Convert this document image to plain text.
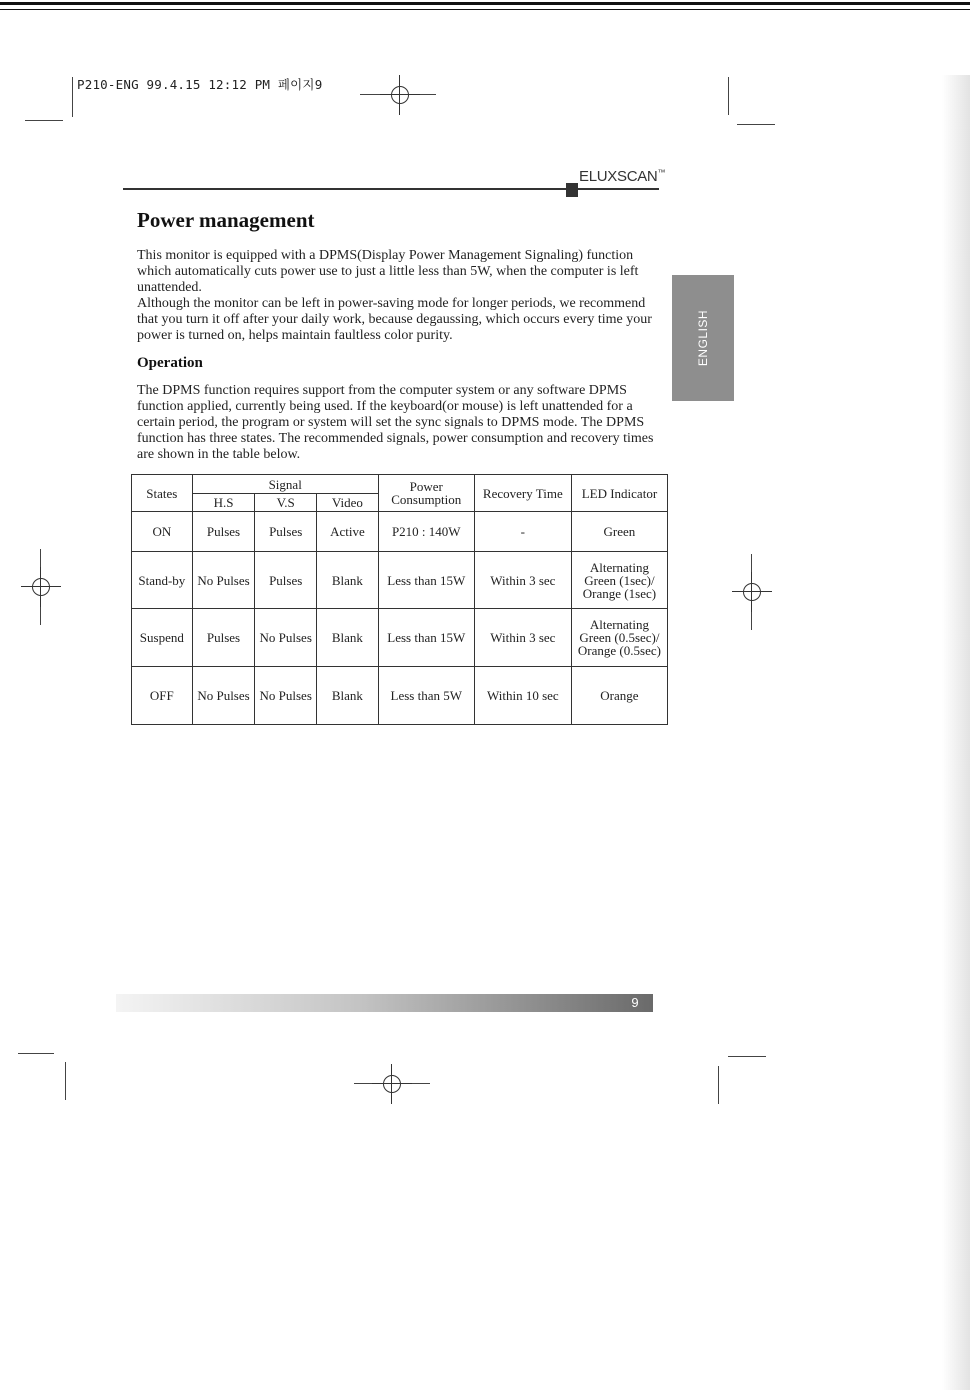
P210-ENG 99.4.15 12:12 PM 페이지9
ELUXSCAN™
ENGLISH
Power management
This monitor is equipped with a DPMS(Display Power Management Signaling) function which automatically cuts power use to just a little less than 5W, when the computer is left unattended.
Although the monitor can be left in power-saving mode for longer periods, we recommend that you turn it off after your daily work, because degaussing, which occurs every time your power is turned on, helps maintain faultless color purity.
Operation
The DPMS function requires support from the computer system or any software DPMS function applied, currently being used. If the keyboard(or mouse) is left unattended for a certain period, the program or system will set the sync signals to DPMS mode. The DPMS function has three states. The recommended signals, power consumption and recovery times are shown in the table below.
States	Signal			Power Consumption	Recovery Time	LED Indicator
	H.S	V.S	Video			
ON	Pulses	Pulses	Active	P210 : 140W	-	Green
Stand-by	No Pulses	Pulses	Blank	Less than 15W	Within 3 sec	Alternating Green (1sec)/ Orange (1sec)
Suspend	Pulses	No Pulses	Blank	Less than 15W	Within 3 sec	Alternating Green (0.5sec)/ Orange (0.5sec)
OFF	No Pulses	No Pulses	Blank	Less than 5W	Within 10 sec	Orange
9
